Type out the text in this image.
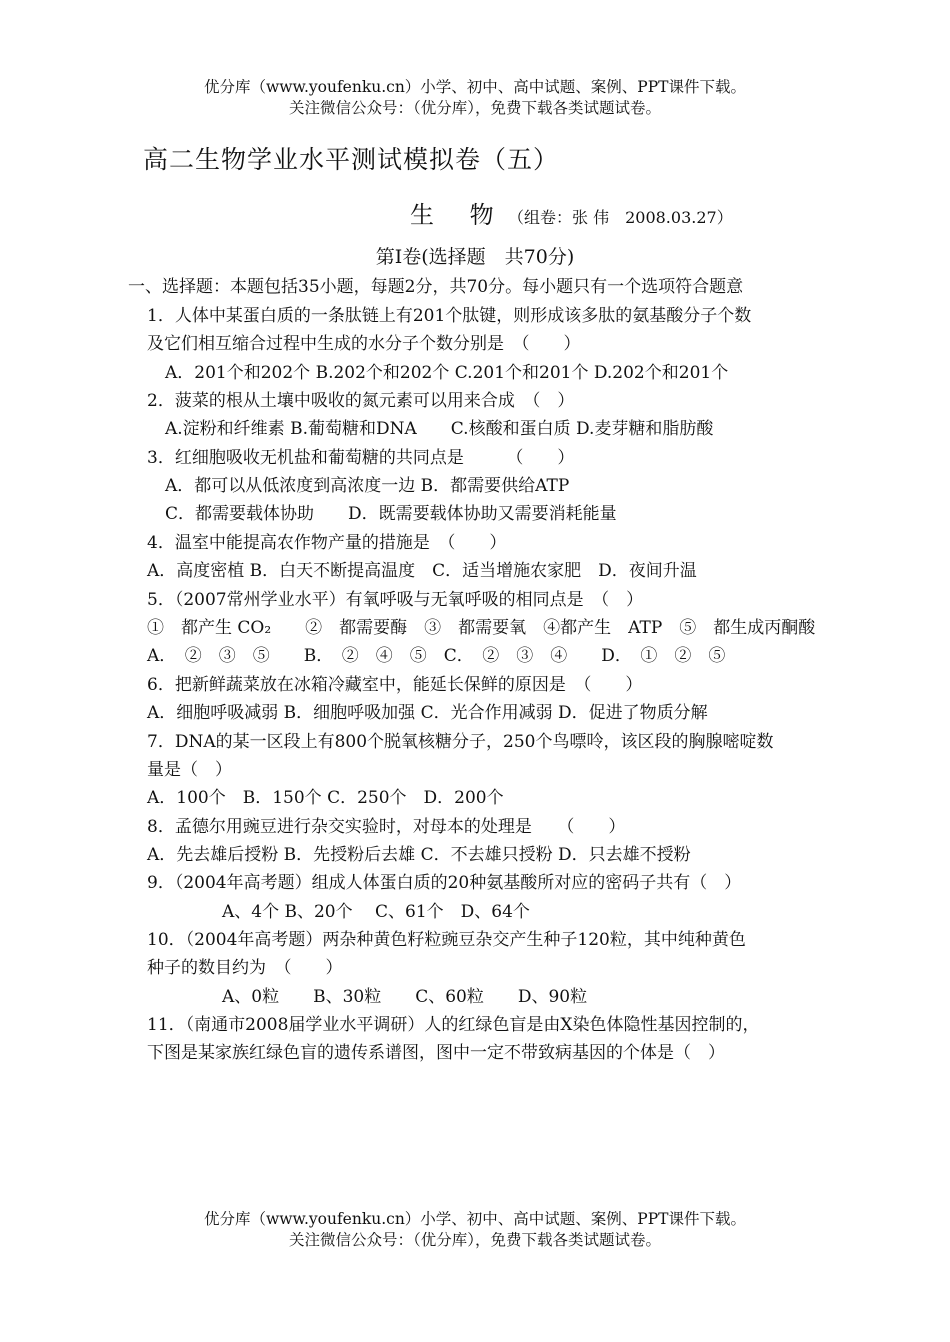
优分库（www.youfenku.cn）小学、初中、高中试题、案例、PPT课件下载。
关注微信公众号：（优分库），免费下载各类试题试卷。
高二生物学业水平测试模拟卷（五）
生 物 （组卷：张 伟　2008.03.27）
第Ⅰ卷(选择题　共70分)
一、选择题：本题包括35小题，每题2分，共70分。每小题只有一个选项符合题意
1．人体中某蛋白质的一条肽链上有201个肽键，则形成该多肽的氨基酸分子个数
及它们相互缩合过程中生成的水分子个数分别是　（　　）
A．201个和202个 B.202个和202个 C.201个和201个 D.202个和201个
2．菠菜的根从土壤中吸收的氮元素可以用来合成　（　）
A.淀粉和纤维素 B.葡萄糖和DNA　　C.核酸和蛋白质 D.麦芽糖和脂肪酸
3．红细胞吸收无机盐和葡萄糖的共同点是　　　（　　）
A．都可以从低浓度到高浓度一边 B．都需要供给ATP
C．都需要载体协助　　D．既需要载体协助又需要消耗能量
4．温室中能提高农作物产量的措施是　（　　）
A．高度密植 B．白天不断提高温度　C．适当增施农家肥　D．夜间升温
5．（2007常州学业水平）有氧呼吸与无氧呼吸的相同点是　（　）
①　都产生 CO₂　　②　都需要酶　③　都需要氧　④都产生　ATP　⑤　都生成丙酮酸
A．　②　③　⑤　　B．　②　④　⑤　C．　②　③　④　　D．　①　②　⑤
6．把新鲜蔬菜放在冰箱冷藏室中，能延长保鲜的原因是　（　　）
A．细胞呼吸减弱 B．细胞呼吸加强 C．光合作用减弱 D．促进了物质分解
7．DNA的某一区段上有800个脱氧核糖分子，250个鸟嘌呤，该区段的胸腺嘧啶数
量是（　）
A．100个　B．150个 C．250个　D．200个
8．孟德尔用豌豆进行杂交实验时，对母本的处理是　　（　　）
A．先去雄后授粉 B．先授粉后去雄 C．不去雄只授粉 D．只去雄不授粉
9．（2004年高考题）组成人体蛋白质的20种氨基酸所对应的密码子共有（　）
A、4个 B、20个　 C、61个　D、64个
10．（2004年高考题）两杂种黄色籽粒豌豆杂交产生种子120粒，其中纯种黄色
种子的数目约为　（　　）
A、0粒　　B、30粒　　C、60粒　　D、90粒
11．（南通市2008届学业水平调研）人的红绿色盲是由X染色体隐性基因控制的，
下图是某家族红绿色盲的遗传系谱图，图中一定不带致病基因的个体是（　）
优分库（www.youfenku.cn）小学、初中、高中试题、案例、PPT课件下载。
关注微信公众号：（优分库），免费下载各类试题试卷。
